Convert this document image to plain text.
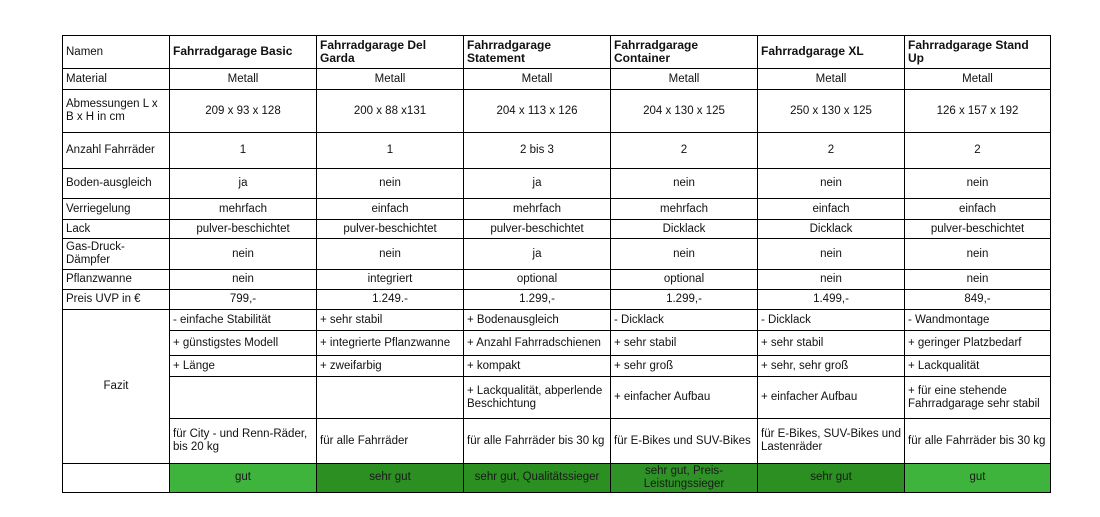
Namen	Fahrradgarage Basic	Fahrradgarage Del Garda	Fahrradgarage Statement	Fahrradgarage Container	Fahrradgarage XL	Fahrradgarage Stand Up
Material	Metall	Metall	Metall	Metall	Metall	Metall
Abmessungen L x B x H in cm	209 x 93 x 128	200 x 88 x131	204 x 113 x 126	204 x 130 x 125	250 x 130 x 125	126 x 157 x 192
Anzahl Fahrräder	1	1	2 bis 3	2	2	2
Boden-ausgleich	ja	nein	ja	nein	nein	nein
Verriegelung	mehrfach	einfach	mehrfach	mehrfach	einfach	einfach
Lack	pulver-beschichtet	pulver-beschichtet	pulver-beschichtet	Dicklack	Dicklack	pulver-beschichtet
Gas-Druck-Dämpfer	nein	nein	ja	nein	nein	nein
Pflanzwanne	nein	integriert	optional	optional	nein	nein
Preis UVP in €	799,-	1.249.-	1.299,-	1.299,-	1.499,-	849,-
Fazit	- einfache Stabilität	+ sehr stabil	+ Bodenausgleich	- Dicklack	- Dicklack	- Wandmontage
	+ günstigstes Modell	+ integrierte Pflanzwanne	+ Anzahl Fahrradschienen	+ sehr stabil	+ sehr stabil	+ geringer Platzbedarf
	+ Länge	+ zweifarbig	+ kompakt	+ sehr groß	+ sehr, sehr groß	+ Lackqualität
			+ Lackqualität, abperlende Beschichtung	+ einfacher Aufbau	+ einfacher Aufbau	+ für eine stehende Fahrradgarage sehr stabil
	für City - und Renn-Räder, bis 20 kg	für alle Fahrräder	für alle Fahrräder bis 30 kg	für E-Bikes und SUV-Bikes	für E-Bikes, SUV-Bikes und Lastenräder	für alle Fahrräder bis 30 kg
	gut	sehr gut	sehr gut, Qualitätssieger	sehr gut, Preis-Leistungssieger	sehr gut	gut
